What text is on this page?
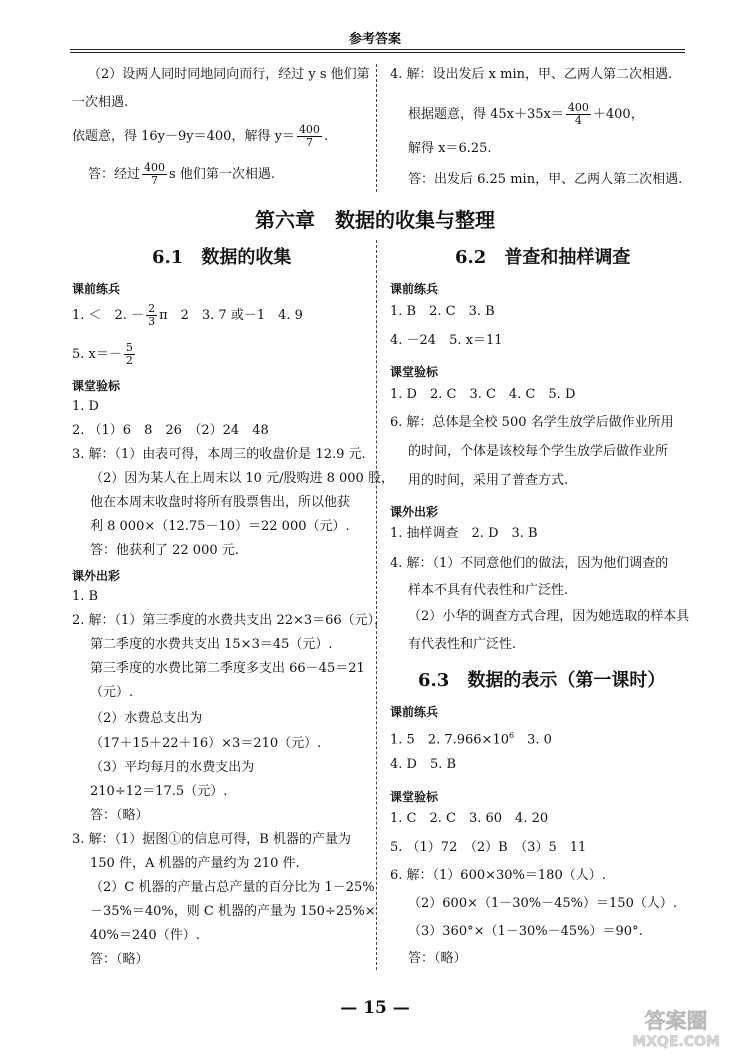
参考答案
（2）设两人同时同地同向而行，经过 y s 他们第
一次相遇.
依题意，得 16y－9y＝400，解得 $y= \frac{400}{7}$ .
答：经过 $\frac{400}{7}$ s 他们第一次相遇.
4. 解：设出发后 x min，甲、乙两人第二次相遇.
根据题意，得 $45x+35x= \frac{400}{4} +400$，
解得 x＝6.25.
答：出发后 6.25 min，甲、乙两人第二次相遇.
第六章　数据的收集与整理
6.1　数据的收集
课前练兵
1. ＜　2. － $\frac{2}{3}$ π　2　3. 7 或－1　4. 9
5. $x=- \frac{5}{2}$
课堂验标
1. D
2. （1）6　8　26　（2）24　48
3. 解：（1）由表可得，本周三的收盘价是 12.9 元.
（2）因为某人在上周末以 10 元/股购进 8 000 股，
他在本周末收盘时将所有股票售出，所以他获
利 8 000×（12.75－10）＝22 000（元）.
答：他获利了 22 000 元.
课外出彩
1. B
2. 解：（1）第三季度的水费共支出 22×3＝66（元），
第二季度的水费共支出 15×3＝45（元）.
第三季度的水费比第二季度多支出 66－45＝21
（元）.
（2）水费总支出为
（17＋15＋22＋16）×3＝210（元）.
（3）平均每月的水费支出为
210÷12＝17.5（元）.
答：（略）
3. 解：（1）据图①的信息可得，B 机器的产量为
150 件，A 机器的产量约为 210 件.
（2）C 机器的产量占总产量的百分比为 1－25%
－35%＝40%，则 C 机器的产量为 150÷25%×
40%＝240（件）.
答：（略）
6.2　普查和抽样调查
课前练兵
1. B　2. C　3. B
4. －24　5. x＝11
课堂验标
1. D　2. C　3. C　4. C　5. D
6. 解：总体是全校 500 名学生放学后做作业所用
的时间，个体是该校每个学生放学后做作业所
用的时间，采用了普查方式.
课外出彩
1. 抽样调查　2. D　3. B
4. 解：（1）不同意他们的做法，因为他们调查的
样本不具有代表性和广泛性.
（2）小华的调查方式合理，因为她选取的样本具
有代表性和广泛性.
6.3　数据的表示（第一课时）
课前练兵
1. 5　2. $7.966\times 10^6$　3. 0
4. D　5. B
课堂验标
1. C　2. C　3. 60　4. 20
5. （1）72　（2）B　（3）5　11
6. 解：（1）600×30%＝180（人）.
（2）600×（1－30%－45%）＝150（人）.
（3）360°×（1－30%－45%）＝90°.
答：（略）
— 15 —
答案圈
MXQE.COM
